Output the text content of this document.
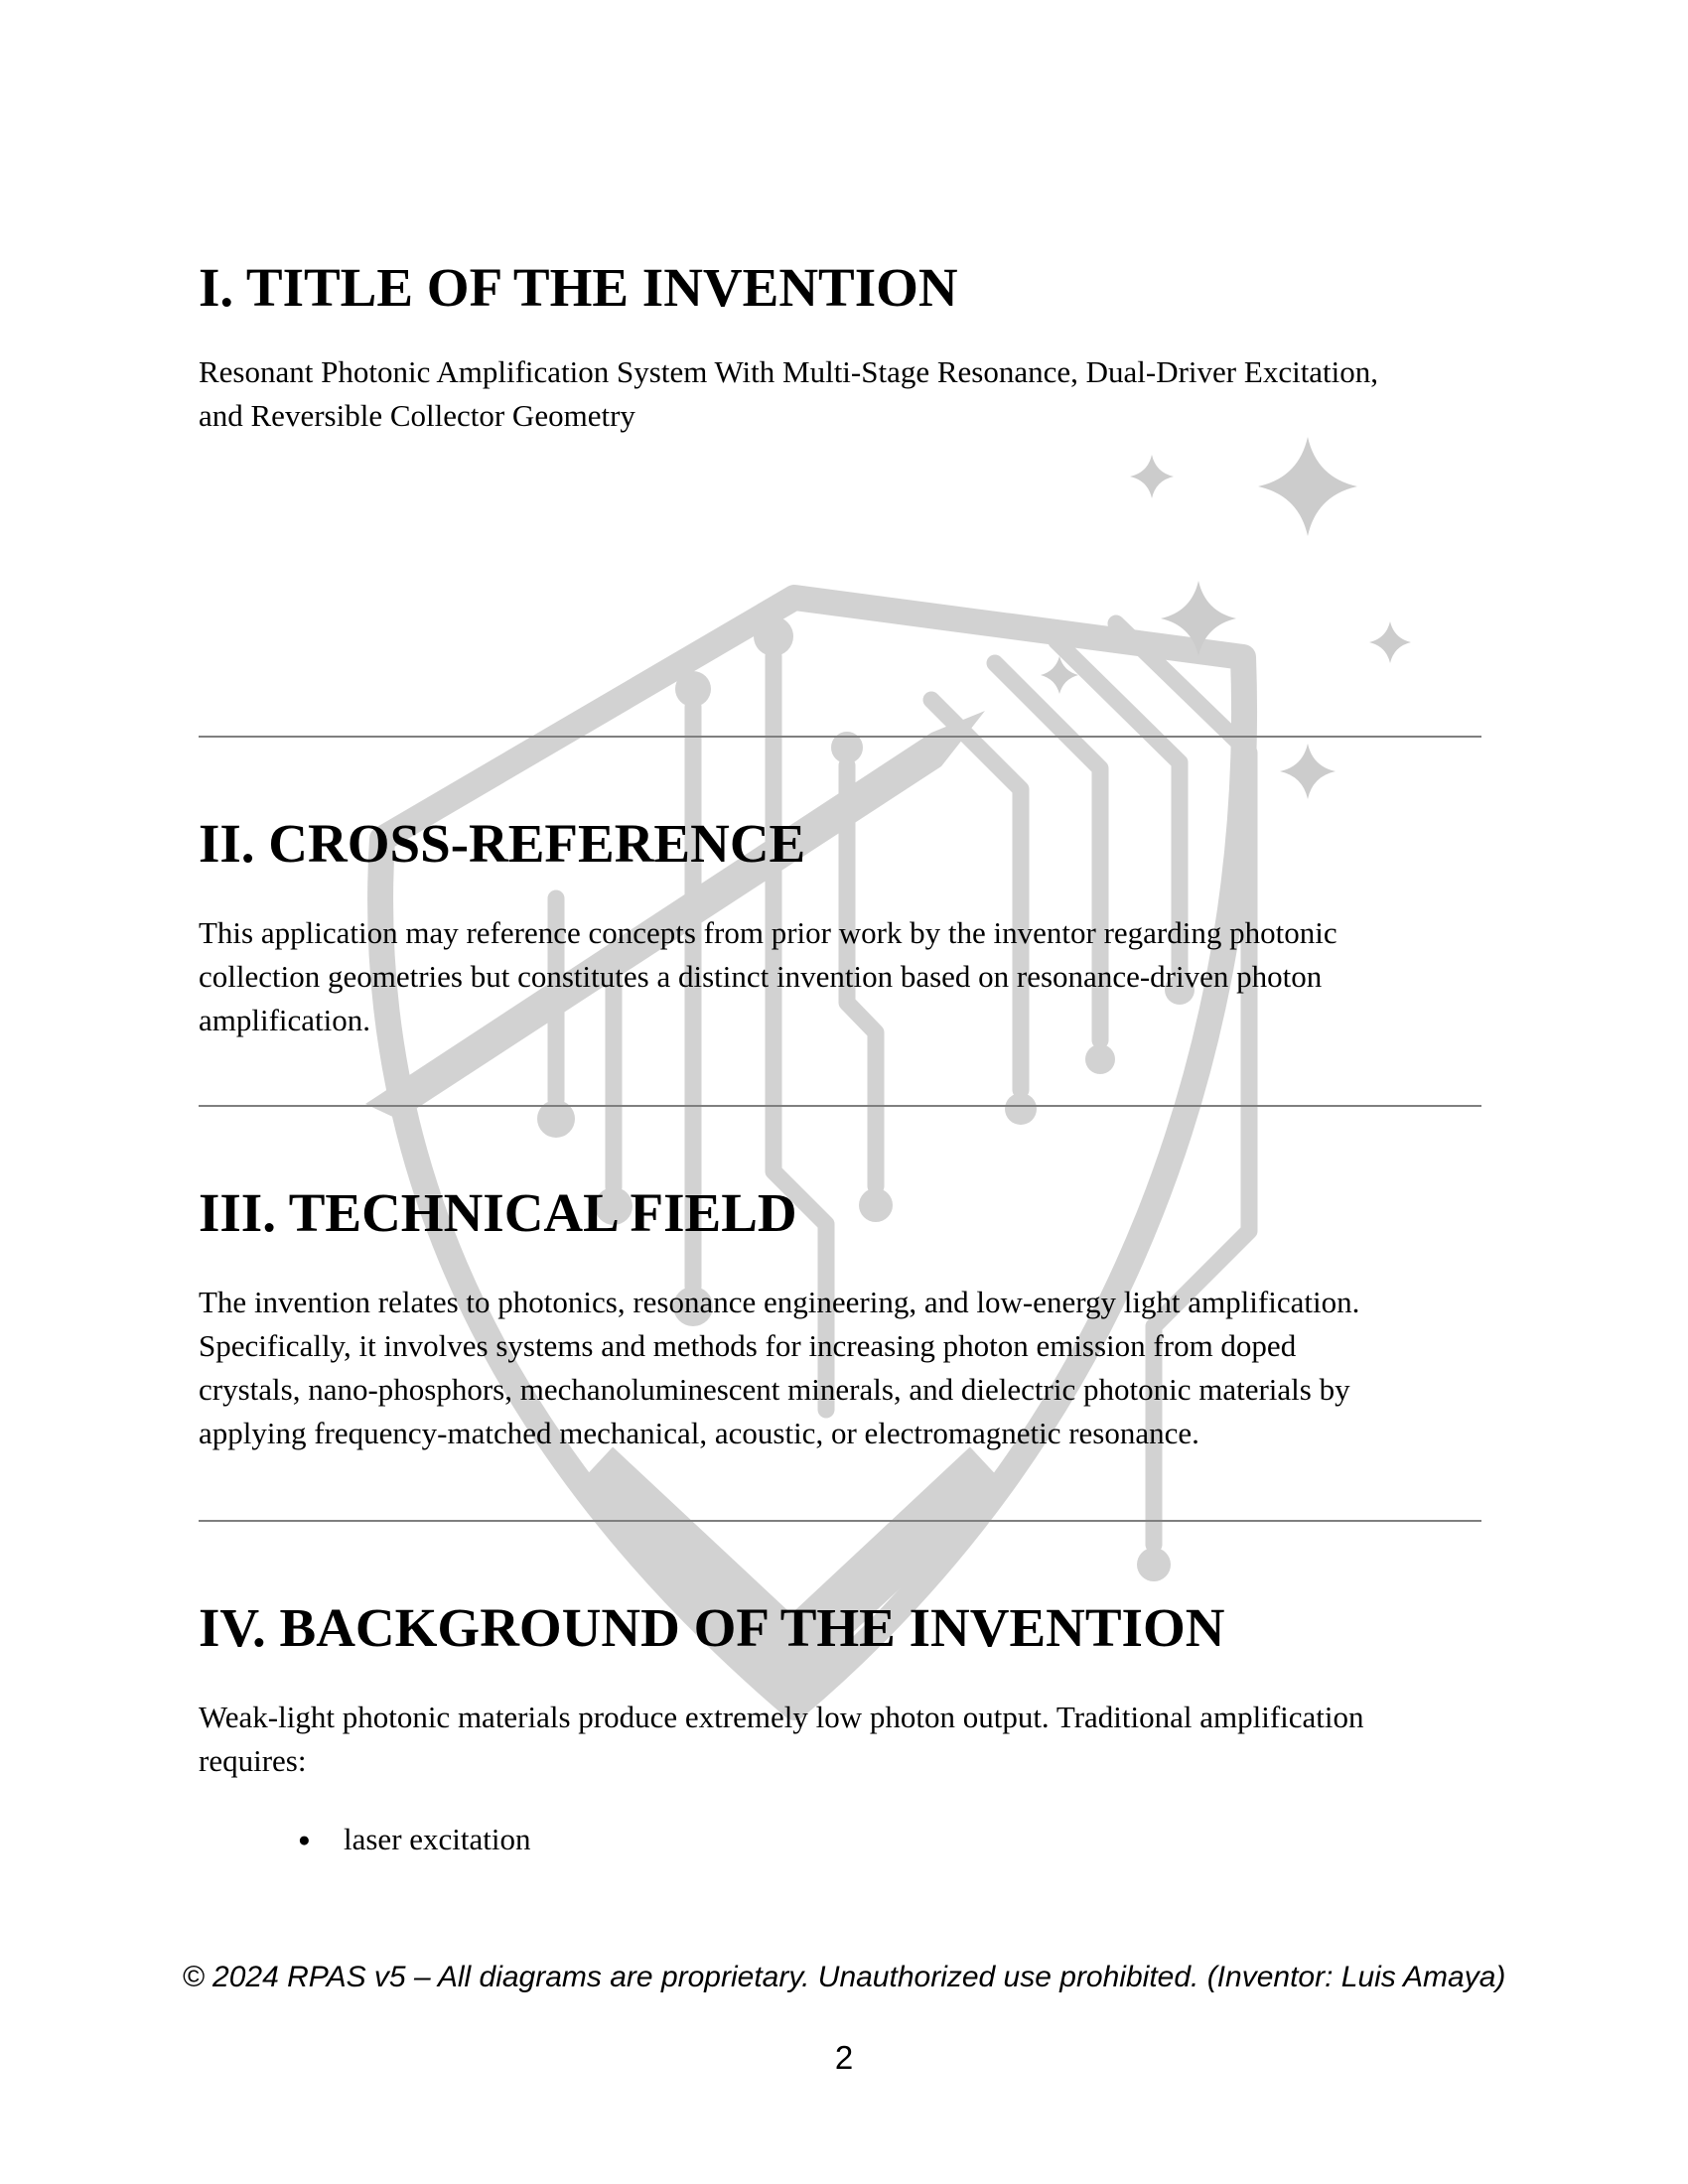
I. TITLE OF THE INVENTION
Resonant Photonic Amplification System With Multi-Stage Resonance, Dual-Driver Excitation,
and Reversible Collector Geometry
II. CROSS-REFERENCE
This application may reference concepts from prior work by the inventor regarding photonic
collection geometries but constitutes a distinct invention based on resonance-driven photon
amplification.
III. TECHNICAL FIELD
The invention relates to photonics, resonance engineering, and low-energy light amplification.
Specifically, it involves systems and methods for increasing photon emission from doped
crystals, nano-phosphors, mechanoluminescent minerals, and dielectric photonic materials by
applying frequency-matched mechanical, acoustic, or electromagnetic resonance.
IV. BACKGROUND OF THE INVENTION
Weak-light photonic materials produce extremely low photon output. Traditional amplification
requires:
●	laser excitation
© 2024 RPAS v5 – All diagrams are proprietary. Unauthorized use prohibited. (Inventor: Luis Amaya)
2
